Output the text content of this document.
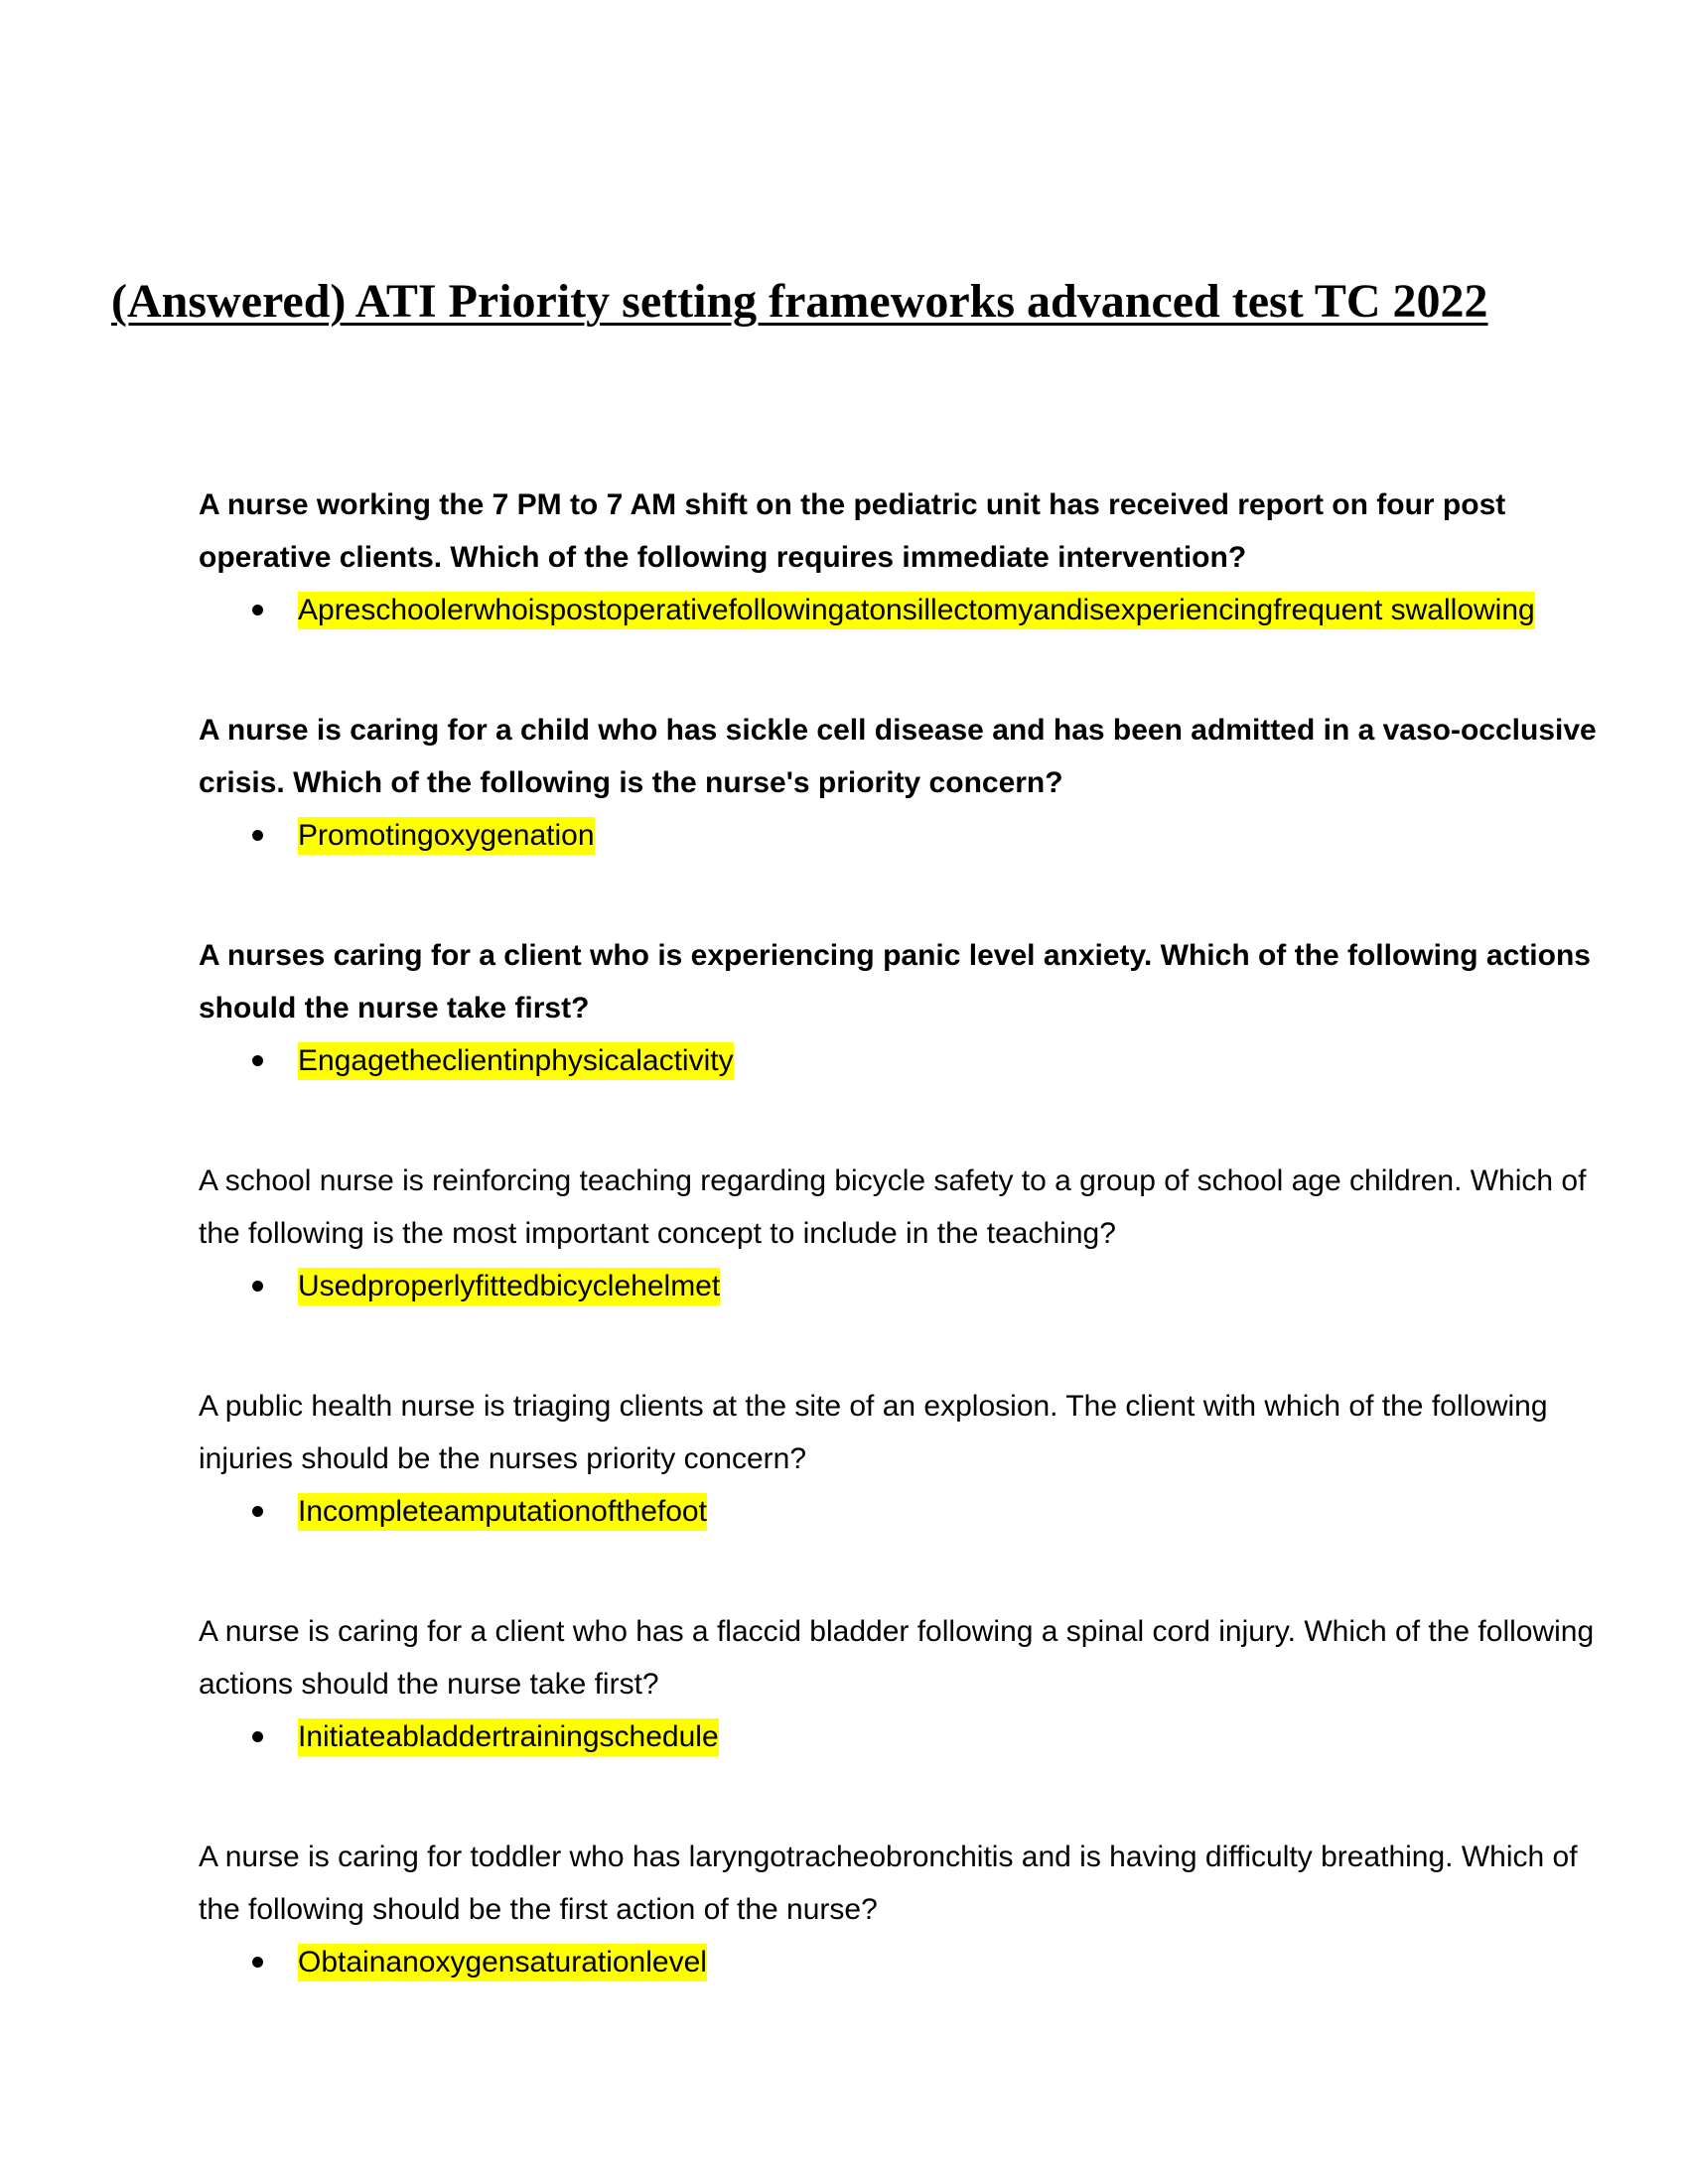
(Answered) ATI Priority setting frameworks advanced test TC 2022

A nurse working the 7 PM to 7 AM shift on the pediatric unit has received report on four post operative clients. Which of the following requires immediate intervention?

Apreschoolerwhoispostoperativefollowingatonsillectomyandisexperiencingfrequent swallowing

A nurse is caring for a child who has sickle cell disease and has been admitted in a vaso-occlusive crisis. Which of the following is the nurse's priority concern?

Promotingoxygenation

A nurses caring for a client who is experiencing panic level anxiety. Which of the following actions should the nurse take first?

Engagetheclientinphysicalactivity

A school nurse is reinforcing teaching regarding bicycle safety to a group of school age children. Which of the following is the most important concept to include in the teaching?

Usedproperlyfittedbicyclehelmet

A public health nurse is triaging clients at the site of an explosion. The client with which of the following injuries should be the nurses priority concern?

Incompleteamputationofthefoot

A nurse is caring for a client who has a flaccid bladder following a spinal cord injury. Which of the following actions should the nurse take first?

Initiateabladdertrainingschedule

A nurse is caring for toddler who has laryngotracheobronchitis and is having difficulty breathing. Which of the following should be the first action of the nurse?

Obtainanoxygensaturationlevel
